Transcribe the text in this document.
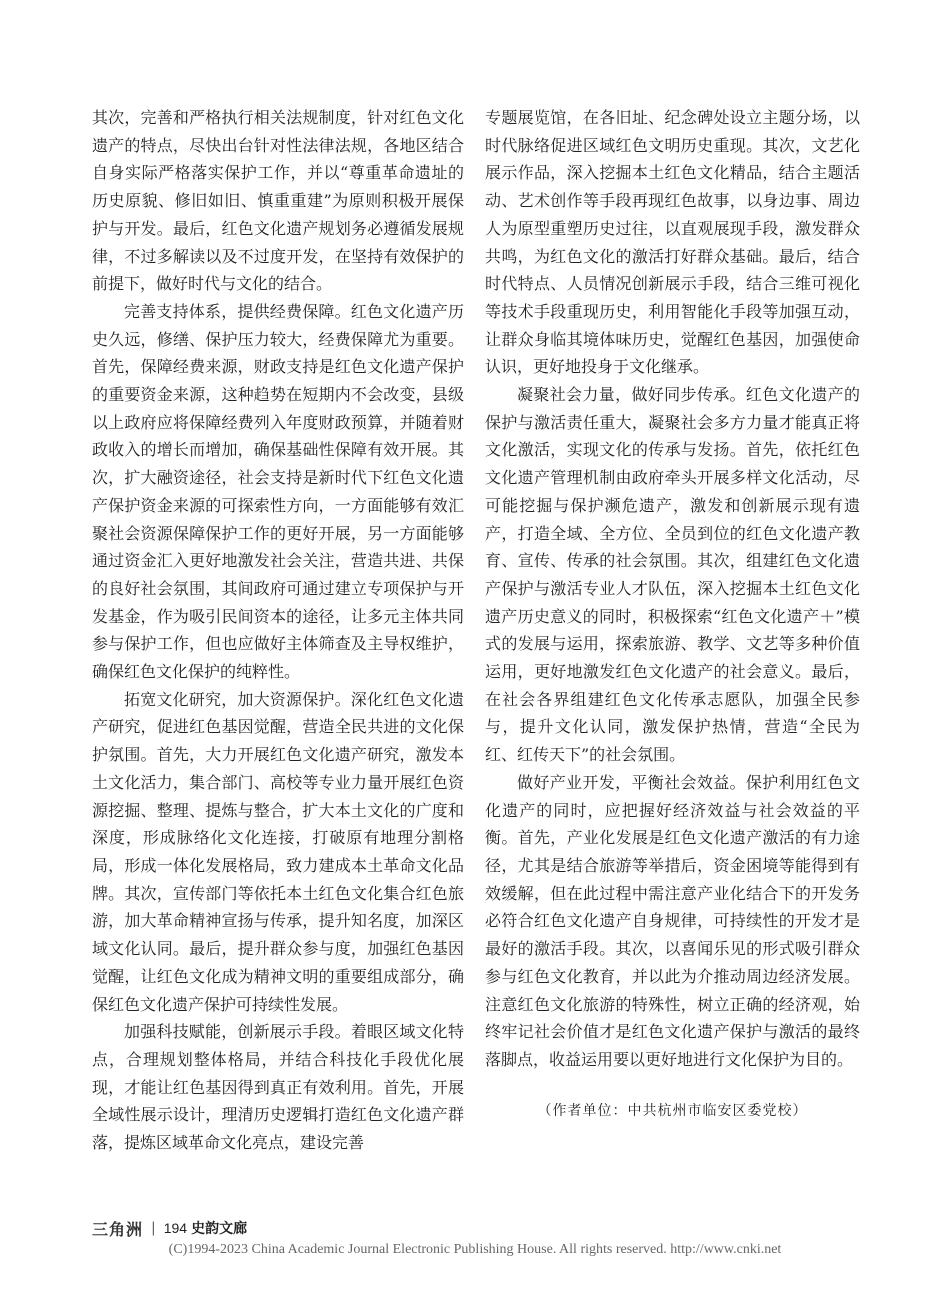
其次，完善和严格执行相关法规制度，针对红色文化遗产的特点，尽快出台针对性法律法规，各地区结合自身实际严格落实保护工作，并以“尊重革命遗址的历史原貌、修旧如旧、慎重重建”为原则积极开展保护与开发。最后，红色文化遗产规划务必遵循发展规律，不过多解读以及不过度开发，在坚持有效保护的前提下，做好时代与文化的结合。

完善支持体系，提供经费保障。红色文化遗产历史久远，修缮、保护压力较大，经费保障尤为重要。首先，保障经费来源，财政支持是红色文化遗产保护的重要资金来源，这种趋势在短期内不会改变，县级以上政府应将保障经费列入年度财政预算，并随着财政收入的增长而增加，确保基础性保障有效开展。其次，扩大融资途径，社会支持是新时代下红色文化遗产保护资金来源的可探索性方向，一方面能够有效汇聚社会资源保障保护工作的更好开展，另一方面能够通过资金汇入更好地激发社会关注，营造共进、共保的良好社会氛围，其间政府可通过建立专项保护与开发基金，作为吸引民间资本的途径，让多元主体共同参与保护工作，但也应做好主体筛查及主导权维护，确保红色文化保护的纯粹性。

拓宽文化研究，加大资源保护。深化红色文化遗产研究，促进红色基因觉醒，营造全民共进的文化保护氛围。首先，大力开展红色文化遗产研究，激发本土文化活力，集合部门、高校等专业力量开展红色资源挖掘、整理、提炼与整合，扩大本土文化的广度和深度，形成脉络化文化连接，打破原有地理分割格局，形成一体化发展格局，致力建成本土革命文化品牌。其次，宣传部门等依托本土红色文化集合红色旅游，加大革命精神宣扬与传承，提升知名度，加深区域文化认同。最后，提升群众参与度，加强红色基因觉醒，让红色文化成为精神文明的重要组成部分，确保红色文化遗产保护可持续性发展。

加强科技赋能，创新展示手段。着眼区域文化特点，合理规划整体格局，并结合科技化手段优化展现，才能让红色基因得到真正有效利用。首先，开展全域性展示设计，理清历史逻辑打造红色文化遗产群落，提炼区域革命文化亮点，建设完善

专题展览馆，在各旧址、纪念碑处设立主题分场，以时代脉络促进区域红色文明历史重现。其次，文艺化展示作品，深入挖掘本土红色文化精品，结合主题活动、艺术创作等手段再现红色故事，以身边事、周边人为原型重塑历史过往，以直观展现手段，激发群众共鸣，为红色文化的激活打好群众基础。最后，结合时代特点、人员情况创新展示手段，结合三维可视化等技术手段重现历史，利用智能化手段等加强互动，让群众身临其境体味历史，觉醒红色基因，加强使命认识，更好地投身于文化继承。

凝聚社会力量，做好同步传承。红色文化遗产的保护与激活责任重大，凝聚社会多方力量才能真正将文化激活，实现文化的传承与发扬。首先，依托红色文化遗产管理机制由政府牵头开展多样文化活动，尽可能挖掘与保护濒危遗产，激发和创新展示现有遗产，打造全域、全方位、全员到位的红色文化遗产教育、宣传、传承的社会氛围。其次，组建红色文化遗产保护与激活专业人才队伍，深入挖掘本土红色文化遗产历史意义的同时，积极探索“红色文化遗产＋”模式的发展与运用，探索旅游、教学、文艺等多种价值运用，更好地激发红色文化遗产的社会意义。最后，在社会各界组建红色文化传承志愿队，加强全民参与，提升文化认同，激发保护热情，营造“全民为红、红传天下”的社会氛围。

做好产业开发，平衡社会效益。保护利用红色文化遗产的同时，应把握好经济效益与社会效益的平衡。首先，产业化发展是红色文化遗产激活的有力途径，尤其是结合旅游等举措后，资金困境等能得到有效缓解，但在此过程中需注意产业化结合下的开发务必符合红色文化遗产自身规律，可持续性的开发才是最好的激活手段。其次，以喜闻乐见的形式吸引群众参与红色文化教育，并以此为介推动周边经济发展。注意红色文化旅游的特殊性，树立正确的经济观，始终牢记社会价值才是红色文化遗产保护与激活的最终落脚点，收益运用要以更好地进行文化保护为目的。

（作者单位：中共杭州市临安区委党校）
三角洲 | 194 史韵文廊
(C)1994-2023 China Academic Journal Electronic Publishing House. All rights reserved. http://www.cnki.net
